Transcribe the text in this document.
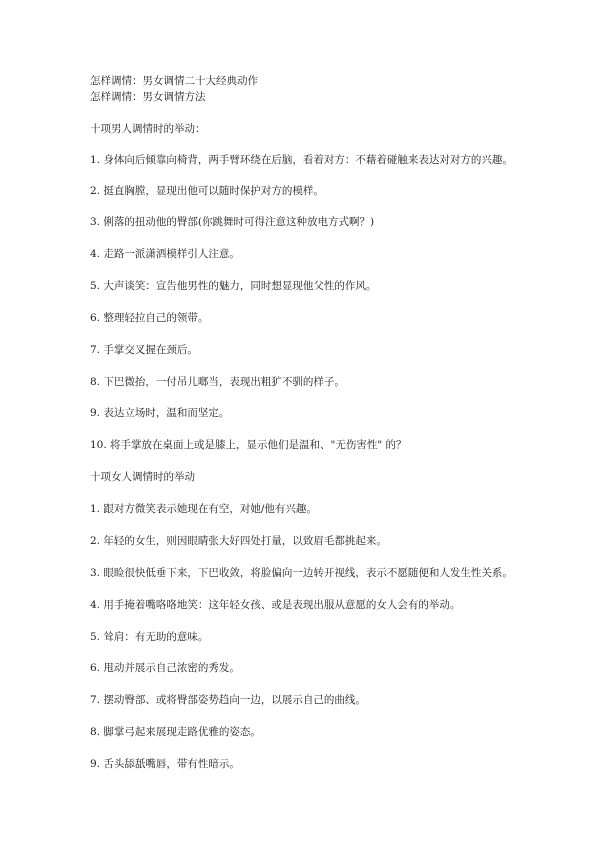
怎样调情：男女调情二十大经典动作
怎样调情：男女调情方法
十项男人调情时的举动：
1. 身体向后倾靠向椅背，两手臂环绕在后脑，看着对方：不藉着碰触来表达对对方的兴趣。
2. 挺直胸膛，显现出他可以随时保护对方的模样。
3. 俐落的扭动他的臀部(你跳舞时可得注意这种放电方式啊？)
4. 走路一派潇洒模样引人注意。
5. 大声谈笑：宣告他男性的魅力，同时想显现他父性的作风。
6. 整理轻拉自己的领带。
7. 手掌交叉握在颈后。
8. 下巴微抬，一付吊儿啷当，表现出粗犷不驯的样子。
9. 表达立场时，温和而坚定。
10. 将手掌放在桌面上或是膝上，显示他们是温和、"无伤害性" 的？
十项女人调情时的举动
1. 跟对方微笑表示她现在有空，对她/他有兴趣。
2. 年轻的女生，则因眼睛张大好四处打量，以致眉毛都挑起来。
3. 眼睑很快低垂下来，下巴收敛，将脸偏向一边转开视线，表示不愿随便和人发生性关系。
4. 用手掩着嘴咯咯地笑：这年轻女孩、或是表现出服从意愿的女人会有的举动。
5. 耸肩：有无助的意味。
6. 甩动并展示自己浓密的秀发。
7. 摆动臀部、或将臀部姿势趋向一边，以展示自己的曲线。
8. 脚掌弓起来展现走路优雅的姿态。
9. 舌头舔舐嘴唇，带有性暗示。
